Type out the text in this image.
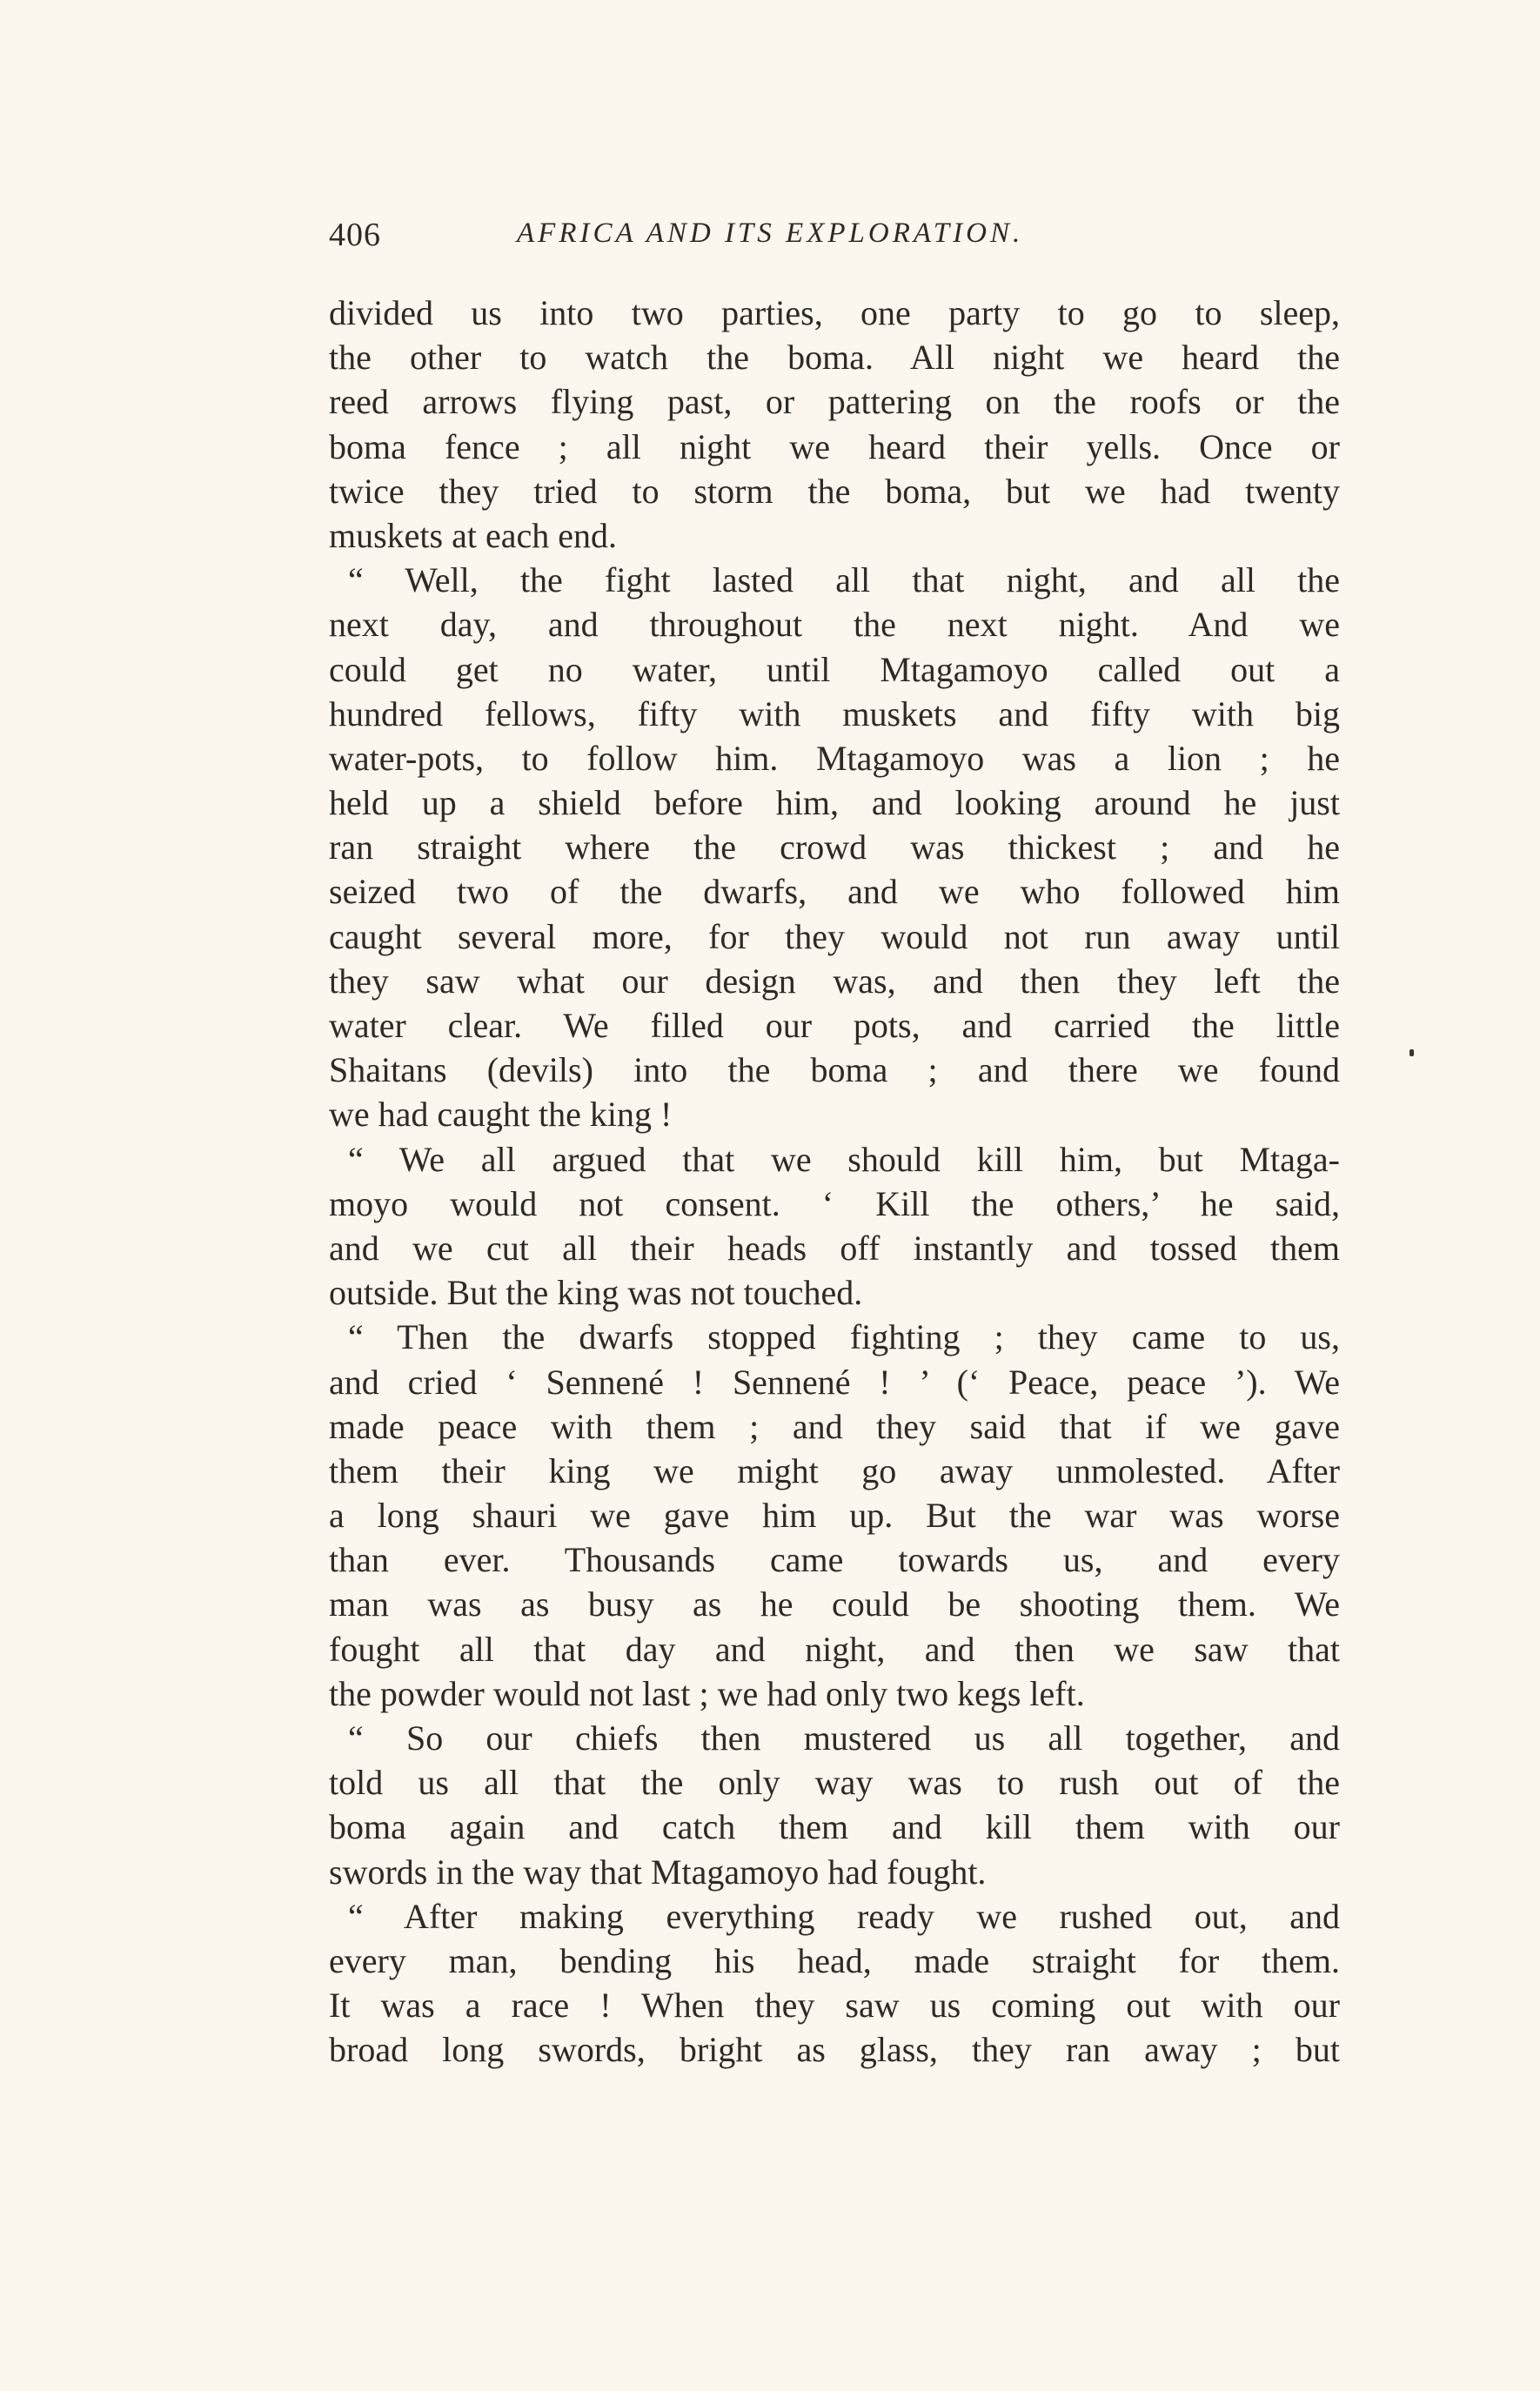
406	AFRICA AND ITS EXPLORATION.
divided us into two parties, one party to go to sleep,
the other to watch the boma. All night we heard the
reed arrows flying past, or pattering on the roofs or the
boma fence ; all night we heard their yells. Once or
twice they tried to storm the boma, but we had twenty
muskets at each end.
“ Well, the fight lasted all that night, and all the
next day, and throughout the next night. And we
could get no water, until Mtagamoyo called out a
hundred fellows, fifty with muskets and fifty with big
water-pots, to follow him. Mtagamoyo was a lion ; he
held up a shield before him, and looking around he just
ran straight where the crowd was thickest ; and he
seized two of the dwarfs, and we who followed him
caught several more, for they would not run away until
they saw what our design was, and then they left the
water clear. We filled our pots, and carried the little
Shaitans (devils) into the boma ; and there we found
we had caught the king !
“ We all argued that we should kill him, but Mtaga-
moyo would not consent. ‘ Kill the others,’ he said,
and we cut all their heads off instantly and tossed them
outside. But the king was not touched.
“ Then the dwarfs stopped fighting ; they came to us,
and cried ‘ Sennené ! Sennené ! ’ (‘ Peace, peace ’). We
made peace with them ; and they said that if we gave
them their king we might go away unmolested. After
a long shauri we gave him up. But the war was worse
than ever. Thousands came towards us, and every
man was as busy as he could be shooting them. We
fought all that day and night, and then we saw that
the powder would not last ; we had only two kegs left.
“ So our chiefs then mustered us all together, and
told us all that the only way was to rush out of the
boma again and catch them and kill them with our
swords in the way that Mtagamoyo had fought.
“ After making everything ready we rushed out, and
every man, bending his head, made straight for them.
It was a race ! When they saw us coming out with our
broad long swords, bright as glass, they ran away ; but
